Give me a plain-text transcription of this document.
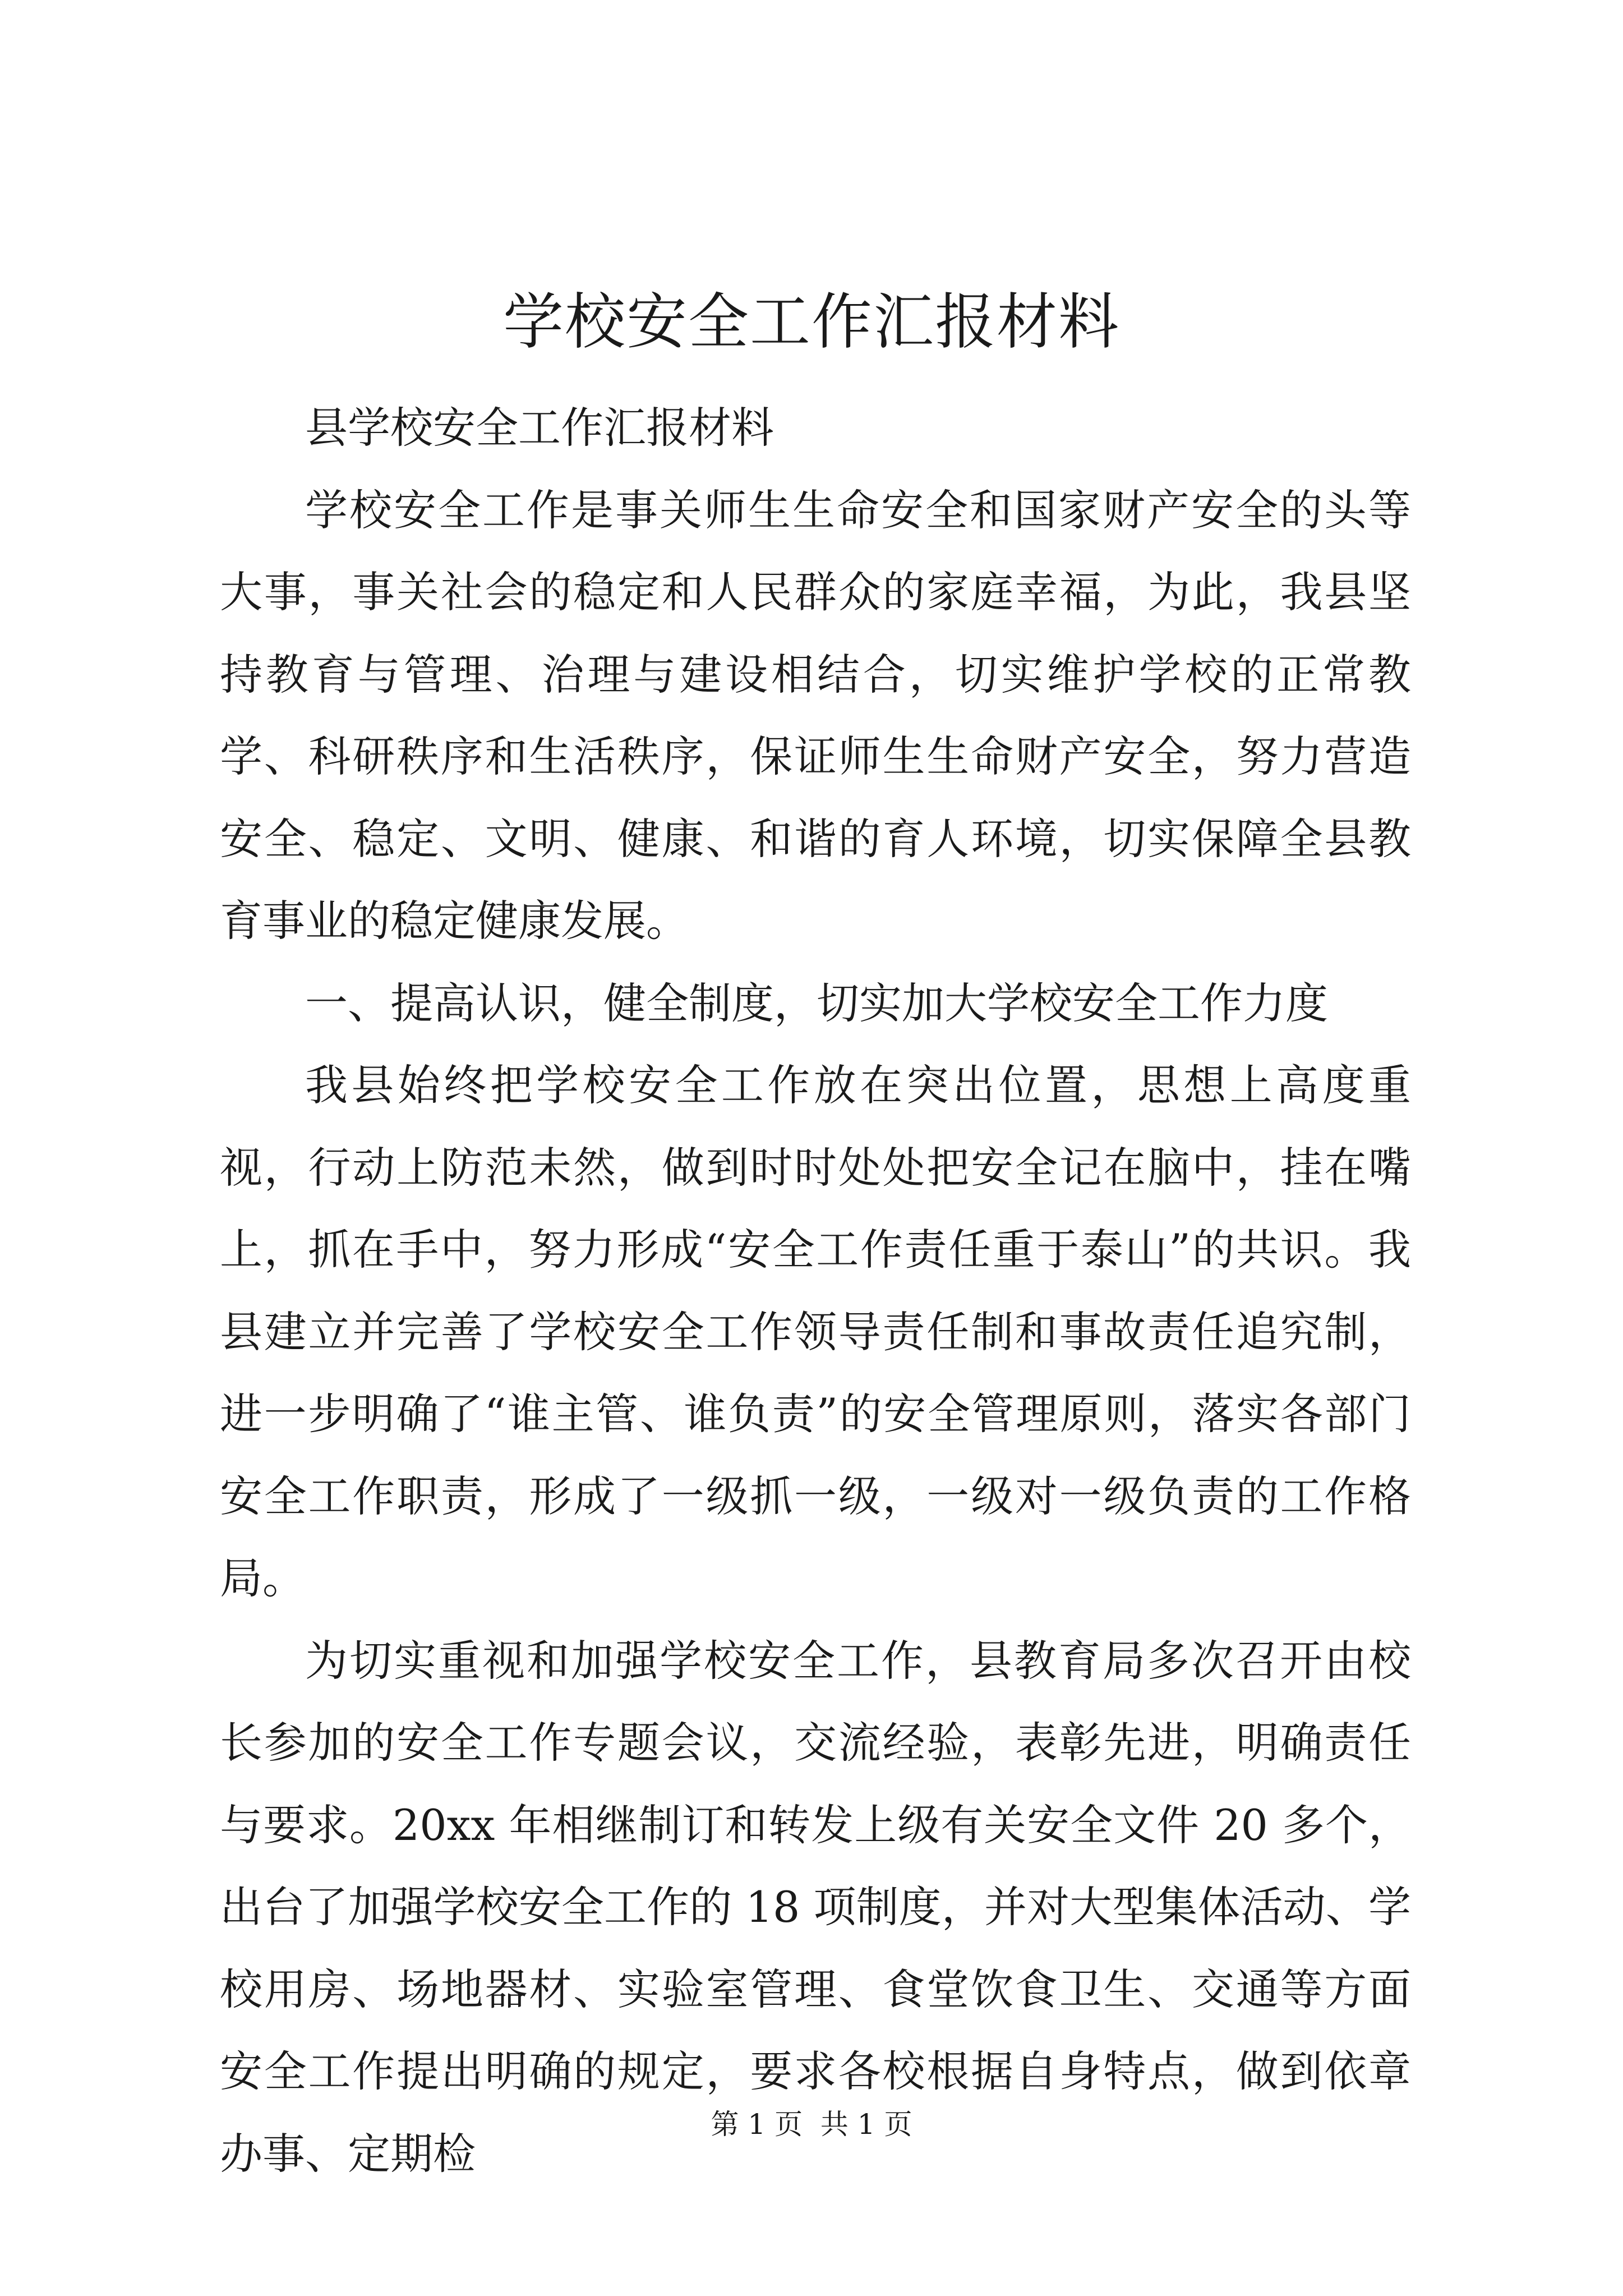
学校安全工作汇报材料

县学校安全工作汇报材料

学校安全工作是事关师生生命安全和国家财产安全的头等大事，事关社会的稳定和人民群众的家庭幸福，为此，我县坚持教育与管理、治理与建设相结合，切实维护学校的正常教学、科研秩序和生活秩序，保证师生生命财产安全，努力营造安全、稳定、文明、健康、和谐的育人环境，切实保障全县教育事业的稳定健康发展。

一、提高认识，健全制度，切实加大学校安全工作力度

我县始终把学校安全工作放在突出位置，思想上高度重视，行动上防范未然，做到时时处处把安全记在脑中，挂在嘴上，抓在手中，努力形成“安全工作责任重于泰山”的共识。我县建立并完善了学校安全工作领导责任制和事故责任追究制，进一步明确了“谁主管、谁负责”的安全管理原则，落实各部门安全工作职责，形成了一级抓一级，一级对一级负责的工作格局。

为切实重视和加强学校安全工作，县教育局多次召开由校长参加的安全工作专题会议，交流经验，表彰先进，明确责任与要求。20xx 年相继制订和转发上级有关安全文件 20 多个，出台了加强学校安全工作的 18 项制度，并对大型集体活动、学校用房、场地器材、实验室管理、食堂饮食卫生、交通等方面安全工作提出明确的规定，要求各校根据自身特点，做到依章办事、定期检

第 1 页  共 1 页
